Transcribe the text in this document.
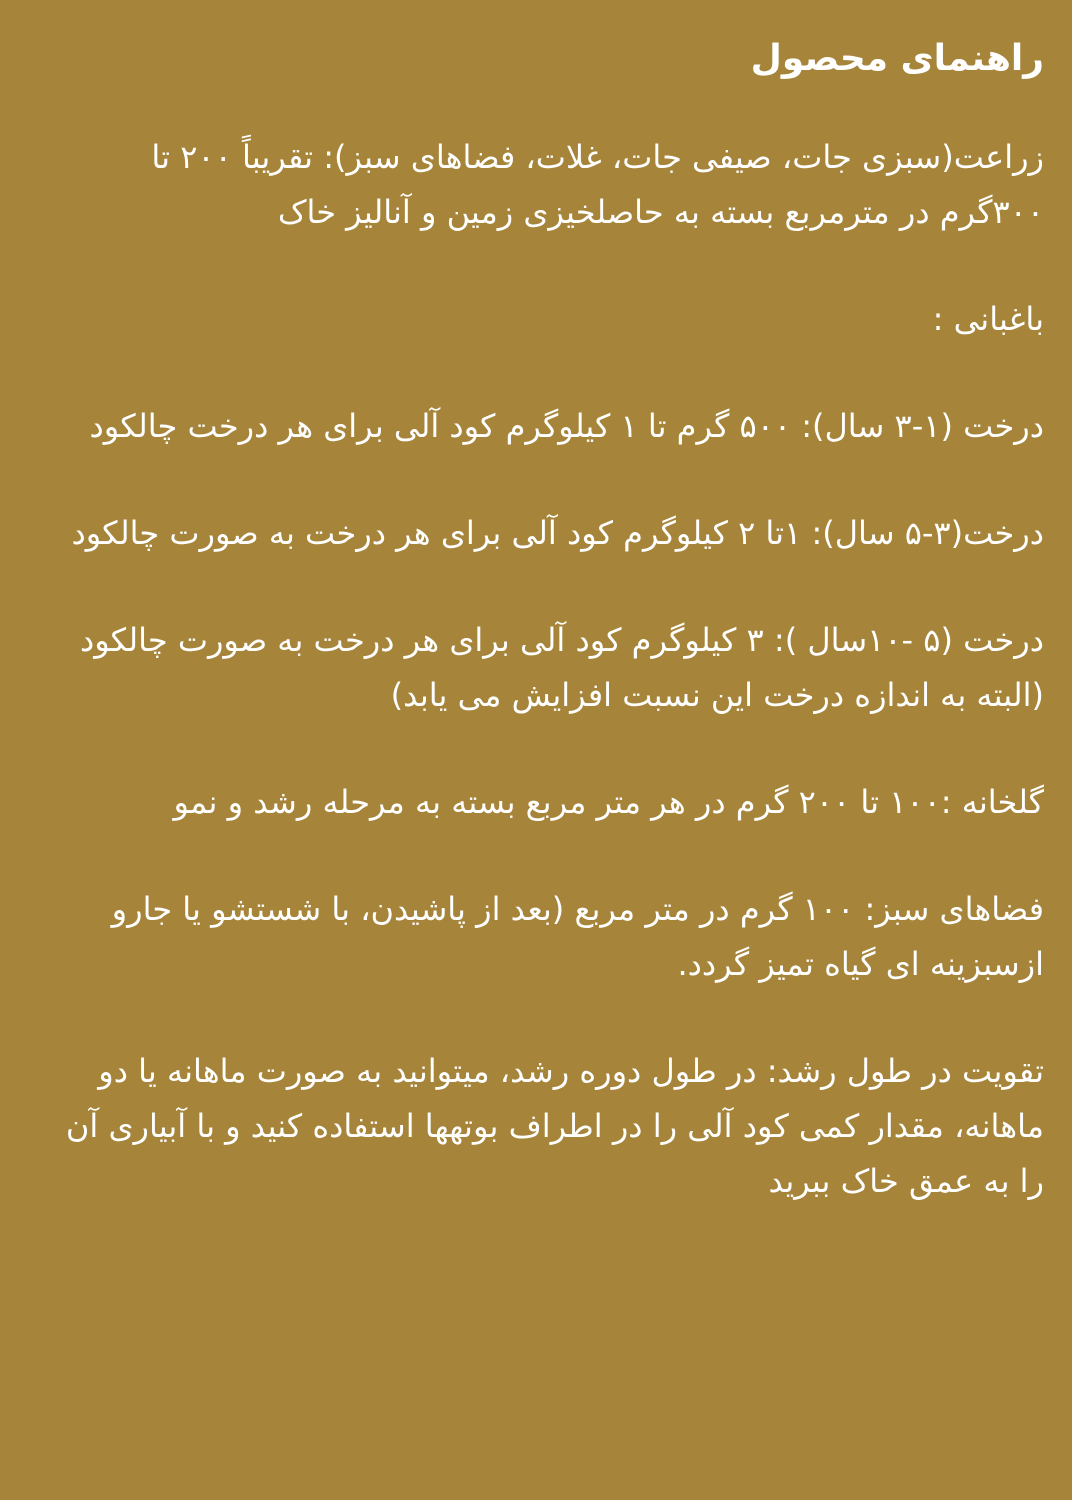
راهنمای محصول

زراعت(سبزی جات، صیفی جات، غلات، فضاهای سبز): تقریباً ۲۰۰ تا ۳۰۰گرم در مترمربع بسته به حاصلخیزی زمین و آنالیز خاک

باغبانی :

درخت (۱-۳ سال): ۵۰۰ گرم تا ۱ کیلوگرم کود آلی برای هر درخت چالکود

درخت(۳-۵ سال): ۱تا ۲ کیلوگرم کود آلی برای هر درخت به صورت چالکود

درخت (۵ -۱۰سال ): ۳ کیلوگرم کود آلی برای هر درخت به صورت چالکود  (البته به اندازه درخت این نسبت افزایش می یابد)

گلخانه :۱۰۰ تا ۲۰۰ گرم در هر متر مربع بسته به مرحله رشد و نمو

فضاهای سبز: ۱۰۰ گرم در متر مربع (بعد از پاشیدن، با شستشو یا جارو ازسبزینه ای گیاه تمیز گردد.

تقویت در طول رشد: در طول دوره رشد، میتوانید به صورت ماهانه یا دو ماهانه، مقدار کمی کود آلی را در اطراف بوتهها استفاده کنید و با آبیاری آن را به عمق خاک ببرید
